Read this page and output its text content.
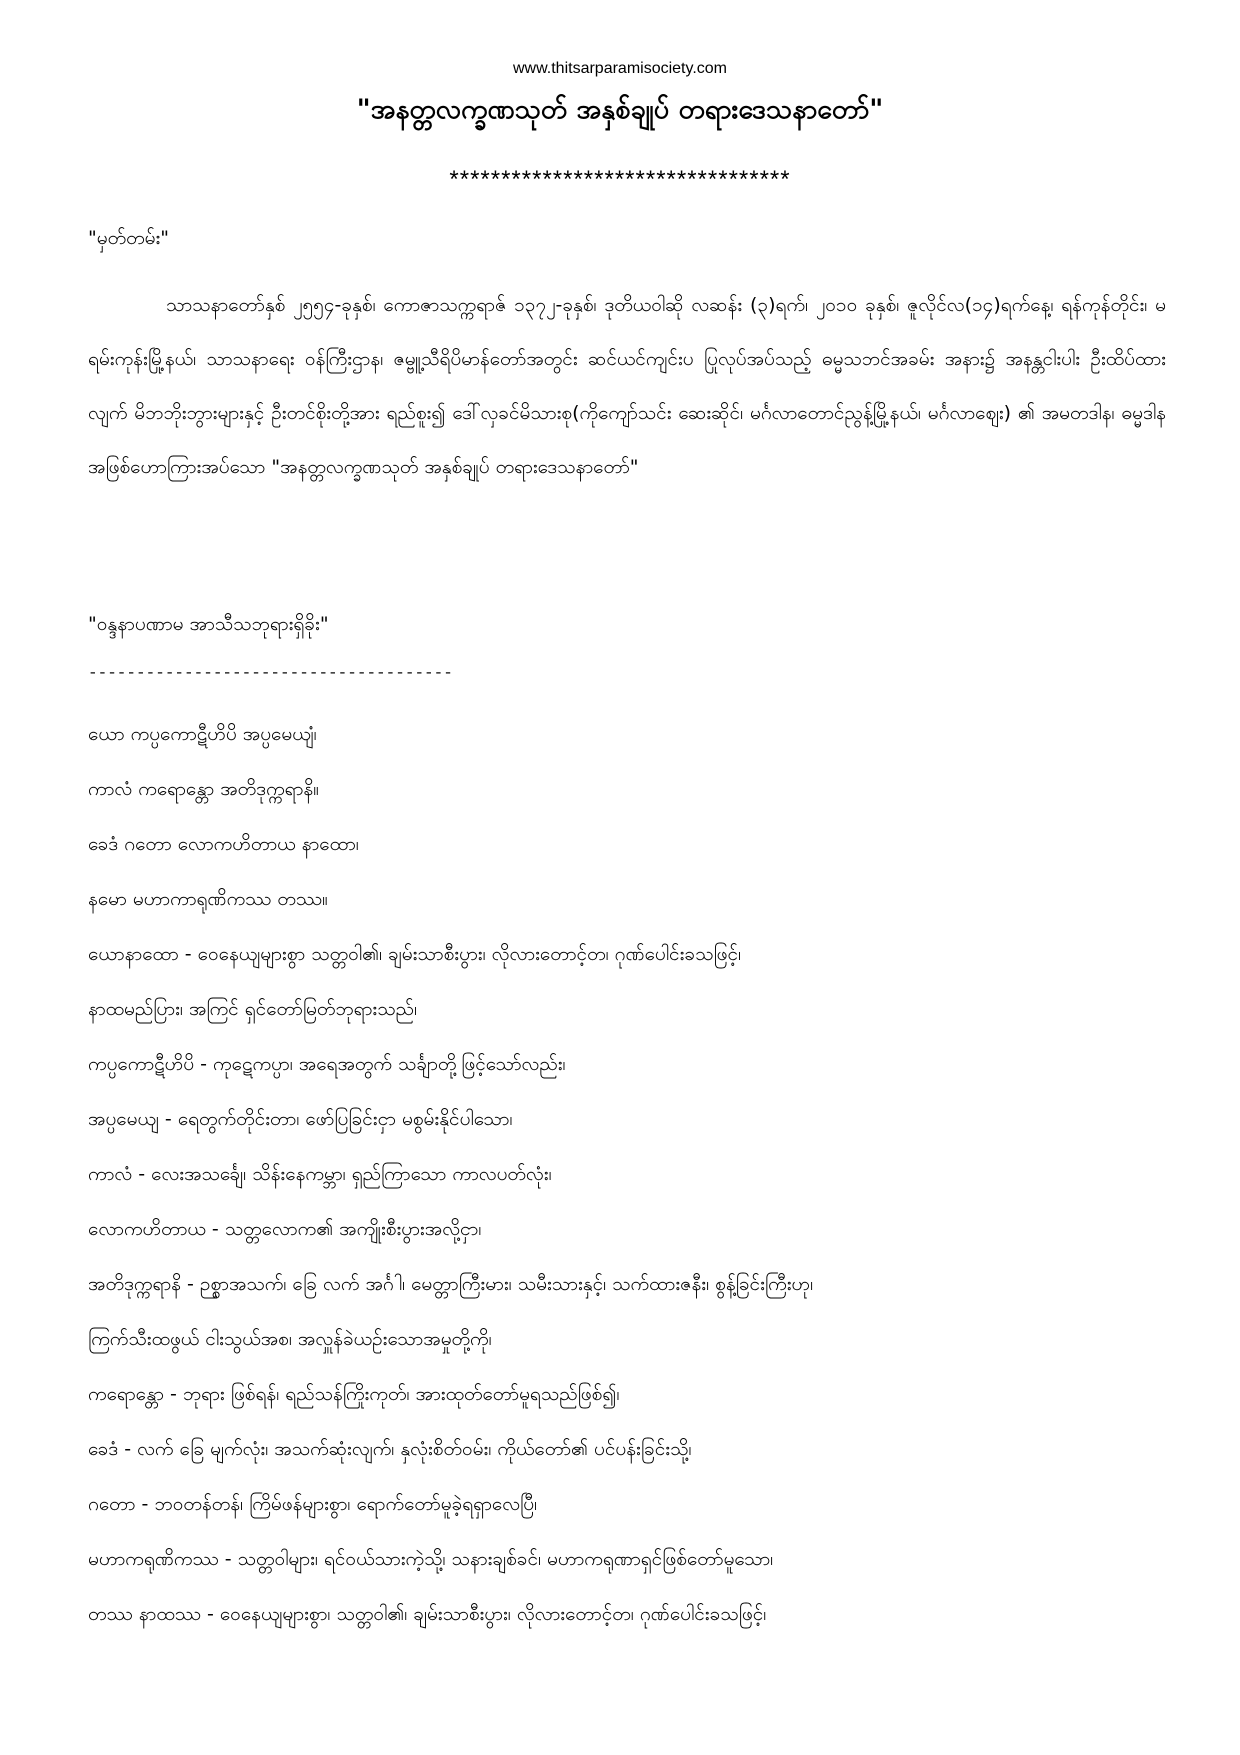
www.thitsarparamisociety.com
"အနတ္တလက္ခဏသုတ် အနှစ်ချုပ် တရားဒေသနာတော်"
*********************************
"မှတ်တမ်း"
သာသနာတော်နှစ် ၂၅၅၄-ခုနှစ်၊ ကောဇာသက္ကရာဇ် ၁၃၇၂-ခုနှစ်၊ ဒုတိယဝါဆို လဆန်း (၃)ရက်၊ ၂၀၁၀ ခုနှစ်၊ ဇူလိုင်လ(၁၄)ရက်နေ့၊ ရန်ကုန်တိုင်း၊ မရမ်းကုန်းမြို့နယ်၊ သာသနာရေး ဝန်ကြီးဌာန၊ ဇမ္ဗူ့သီရိပိမာန်တော်အတွင်း ဆင်ယင်ကျင်းပ ပြုလုပ်အပ်သည့် ဓမ္မသဘင်အခမ်း အနား၌ အနန္တငါးပါး ဦးထိပ်ထားလျက် မိဘဘိုးဘွားများနှင့် ဦးတင်စိုးတို့အား ရည်စူး၍ ဒေါ်လှခင်မိသားစု(ကိုကျော်သင်း ဆေးဆိုင်၊ မင်္ဂလာတောင်ညွန့်မြို့နယ်၊ မင်္ဂလာဈေး) ၏ အမတဒါန၊ ဓမ္မဒါန အဖြစ်ဟောကြားအပ်သော "အနတ္တလက္ခဏသုတ် အနှစ်ချုပ် တရားဒေသနာတော်"
"ဝန္ဒနာပဏာမ အာသီသဘုရားရှိခိုး"
--------------------------------------
ယော ကပ္ပကောဋီဟိပိ အပ္ပမေယျံ၊
ကာလံ ကရောန္တော အတိဒုက္ကရာနိ။
ခေဒံ ဂတော လောကဟိတာယ နာထော၊
နမော မဟာကာရုဏိကဿ တဿ။
ယောနာထော - ဝေနေယျများစွာ သတ္တဝါ၏၊ ချမ်းသာစီးပွား၊ လိုလားတောင့်တ၊ ဂုဏ်ပေါင်းခသဖြင့်၊
နာထမည်ပြား၊ အကြင် ရှင်တော်မြတ်ဘုရားသည်၊
ကပ္ပကောဋီဟိပိ - ကုဋေကပ္ပာ၊ အရေအတွက် သင်္ချာတို့ဖြင့်သော်လည်း၊
အပ္ပမေယျ - ရေတွက်တိုင်းတာ၊ ဖော်ပြခြင်းငှာ မစွမ်းနိုင်ပါသော၊
ကာလံ - လေးအသင်္ချေ၊ သိန်းနေကမ္ဘာ၊ ရှည်ကြာသော ကာလပတ်လုံး၊
လောကဟိတာယ - သတ္တလောက၏ အကျိုးစီးပွားအလို့ငှာ၊
အတိဒုက္ကရာနိ - ဉစ္စာအသက်၊ ခြေ လက် အင်္ဂါ၊ မေတ္တာကြီးမား၊ သမီးသားနှင့်၊ သက်ထားဇနီး၊ စွန့်ခြင်းကြီးဟု၊
ကြက်သီးထဖွယ် ငါးသွယ်အစ၊ အလှူန်ခဲယဉ်းသောအမှုတို့ကို၊
ကရောန္တော - ဘုရား ဖြစ်ရန်၊ ရည်သန်ကြိုးကုတ်၊ အားထုတ်တော်မူရသည်ဖြစ်၍၊
ခေဒံ - လက် ခြေ မျက်လုံး၊ အသက်ဆုံးလျက်၊ နှလုံးစိတ်ဝမ်း၊ ကိုယ်တော်၏ ပင်ပန်းခြင်းသို့၊
ဂတော - ဘဝတန်တန်၊ ကြိမ်ဖန်များစွာ၊ ရောက်တော်မူခဲ့ရရှာလေပြီ၊
မဟာကရုဏိကဿ - သတ္တဝါများ၊ ရင်ဝယ်သားကဲ့သို့၊ သနားချစ်ခင်၊ မဟာကရုဏာရှင်ဖြစ်တော်မူသော၊
တဿ နာထဿ - ဝေနေယျများစွာ၊ သတ္တဝါ၏၊ ချမ်းသာစီးပွား၊ လိုလားတောင့်တ၊ ဂုဏ်ပေါင်းခသဖြင့်၊
